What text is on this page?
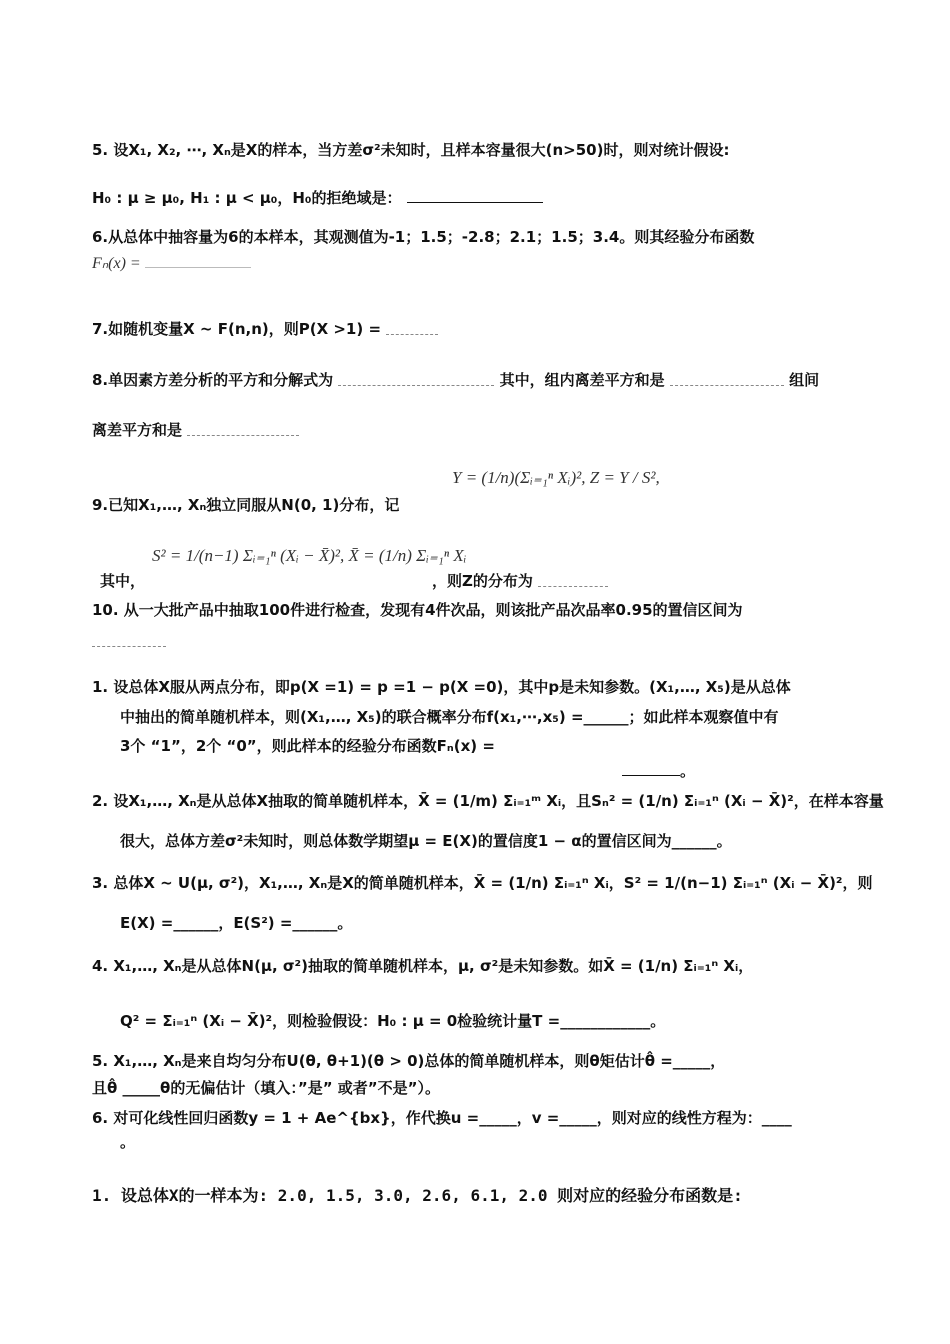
5. 设X₁, X₂, ⋯, Xₙ是X的样本，当方差σ²未知时，且样本容量很大(n>50)时，则对统计假设:
H₀ : μ ≥ μ₀, H₁ : μ < μ₀，H₀的拒绝域是：
6.从总体中抽容量为6的本样本，其观测值为-1；1.5；-2.8；2.1；1.5；3.4。则其经验分布函数
Fₙ(x) =
7.如随机变量X ~ F(n,n)，则P(X >1) =
8.单因素方差分析的平方和分解式为	其中，组内离差平方和是	组间
离差平方和是
Y = (1/n)(Σᵢ₌₁ⁿ Xᵢ)², Z = Y / S²,
9.已知X₁,…, Xₙ独立同服从N(0, 1)分布，记
S² = 1/(n−1) Σᵢ₌₁ⁿ (Xᵢ − X̄)², X̄ = (1/n) Σᵢ₌₁ⁿ Xᵢ
其中，	，则Z的分布为
10. 从一大批产品中抽取100件进行检查，发现有4件次品，则该批产品次品率0.95的置信区间为
1. 设总体X服从两点分布，即p(X =1) = p =1 − p(X =0)，其中p是未知参数。(X₁,…, X₅)是从总体
中抽出的简单随机样本，则(X₁,…, X₅)的联合概率分布f(x₁,⋯,x₅) =______；如此样本观察值中有
3个 “1”，2个 “0”，则此样本的经验分布函数Fₙ(x) =
。
2. 设X₁,…, Xₙ是从总体X抽取的简单随机样本，X̄ = (1/m) Σᵢ₌₁ᵐ Xᵢ，且Sₙ² = (1/n) Σᵢ₌₁ⁿ (Xᵢ − X̄)²，在样本容量
很大，总体方差σ²未知时，则总体数学期望μ = E(X)的置信度1 − α的置信区间为______。
3. 总体X ~ U(μ, σ²)，X₁,…, Xₙ是X的简单随机样本，X̄ = (1/n) Σᵢ₌₁ⁿ Xᵢ，S² = 1/(n−1) Σᵢ₌₁ⁿ (Xᵢ − X̄)²，则
E(X) =______，E(S²) =______。
4. X₁,…, Xₙ是从总体N(μ, σ²)抽取的简单随机样本，μ, σ²是未知参数。如X̄ = (1/n) Σᵢ₌₁ⁿ Xᵢ，
Q² = Σᵢ₌₁ⁿ (Xᵢ − X̄)²，则检验假设：H₀ : μ = 0检验统计量T =____________。
5. X₁,…, Xₙ是来自均匀分布U(θ, θ+1)(θ > 0)总体的简单随机样本，则θ矩估计θ̂ =_____，
且θ̂ _____θ的无偏估计（填入：”是” 或者”不是”）。
6. 对可化线性回归函数y = 1 + Ae^{bx}，作代换u =_____，v =_____，则对应的线性方程为：____
。
1. 设总体X的一样本为: 2.0, 1.5, 3.0, 2.6, 6.1, 2.0 则对应的经验分布函数是:
